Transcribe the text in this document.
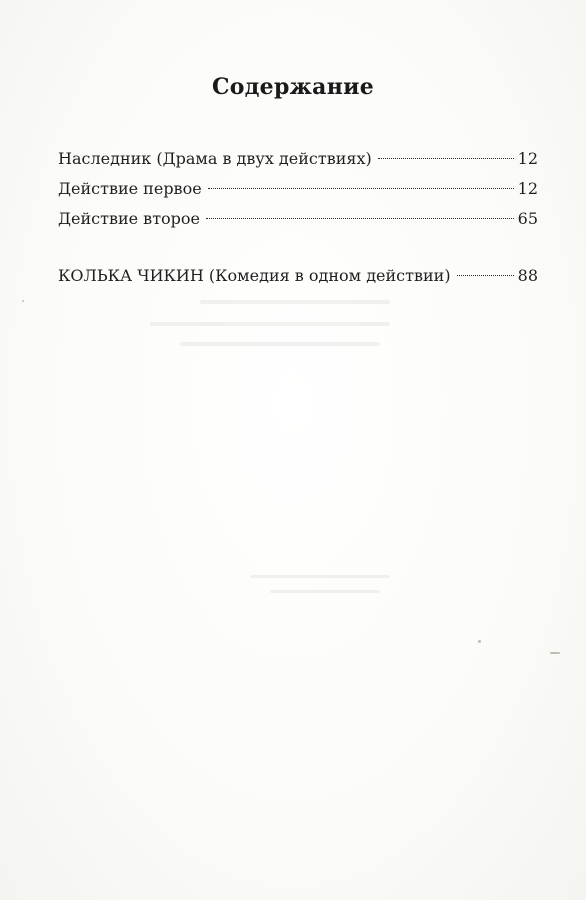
Содержание
Наследник (Драма в двух действиях)	12
Действие первое	12
Действие второе	65
КОЛЬКА ЧИКИН (Комедия в одном действии)	88
